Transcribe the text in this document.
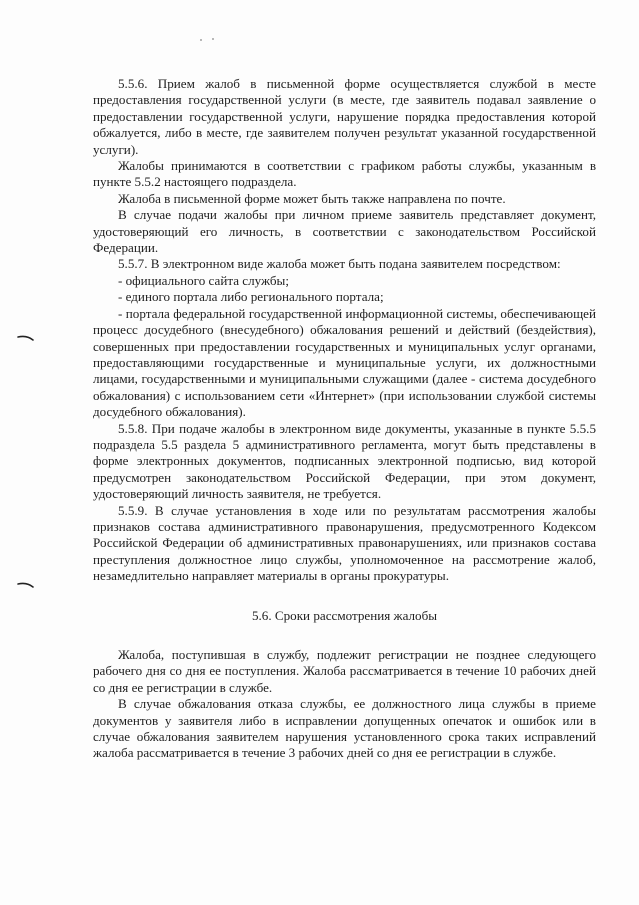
5.5.6. Прием жалоб в письменной форме осуществляется службой в месте предоставления государственной услуги (в месте, где заявитель подавал заявление о предоставлении государственной услуги, нарушение порядка предоставления которой обжалуется, либо в месте, где заявителем получен результат указанной государственной услуги).

Жалобы принимаются в соответствии с графиком работы службы, указанным в пункте 5.5.2 настоящего подраздела.

Жалоба в письменной форме может быть также направлена по почте.

В случае подачи жалобы при личном приеме заявитель представляет документ, удостоверяющий его личность, в соответствии с законодательством Российской Федерации.

5.5.7. В электронном виде жалоба может быть подана заявителем посредством:

- официального сайта службы;

- единого портала либо регионального портала;

- портала федеральной государственной информационной системы, обеспечивающей процесс досудебного (внесудебного) обжалования решений и действий (бездействия), совершенных при предоставлении государственных и муниципальных услуг органами, предоставляющими государственные и муниципальные услуги, их должностными лицами, государственными и муниципальными служащими (далее - система досудебного обжалования) с использованием сети «Интернет» (при использовании службой системы досудебного обжалования).

5.5.8. При подаче жалобы в электронном виде документы, указанные в пункте 5.5.5 подраздела 5.5 раздела 5 административного регламента, могут быть представлены в форме электронных документов, подписанных электронной подписью, вид которой предусмотрен законодательством Российской Федерации, при этом документ, удостоверяющий личность заявителя, не требуется.

5.5.9. В случае установления в ходе или по результатам рассмотрения жалобы признаков состава административного правонарушения, предусмотренного Кодексом Российской Федерации об административных правонарушениях, или признаков состава преступления должностное лицо службы, уполномоченное на рассмотрение жалоб, незамедлительно направляет материалы в органы прокуратуры.

5.6. Сроки рассмотрения жалобы

Жалоба, поступившая в службу, подлежит регистрации не позднее следующего рабочего дня со дня ее поступления. Жалоба рассматривается в течение 10 рабочих дней со дня ее регистрации в службе.

В случае обжалования отказа службы, ее должностного лица службы в приеме документов у заявителя либо в исправлении допущенных опечаток и ошибок или в случае обжалования заявителем нарушения установленного срока таких исправлений жалоба рассматривается в течение 3 рабочих дней со дня ее регистрации в службе.
